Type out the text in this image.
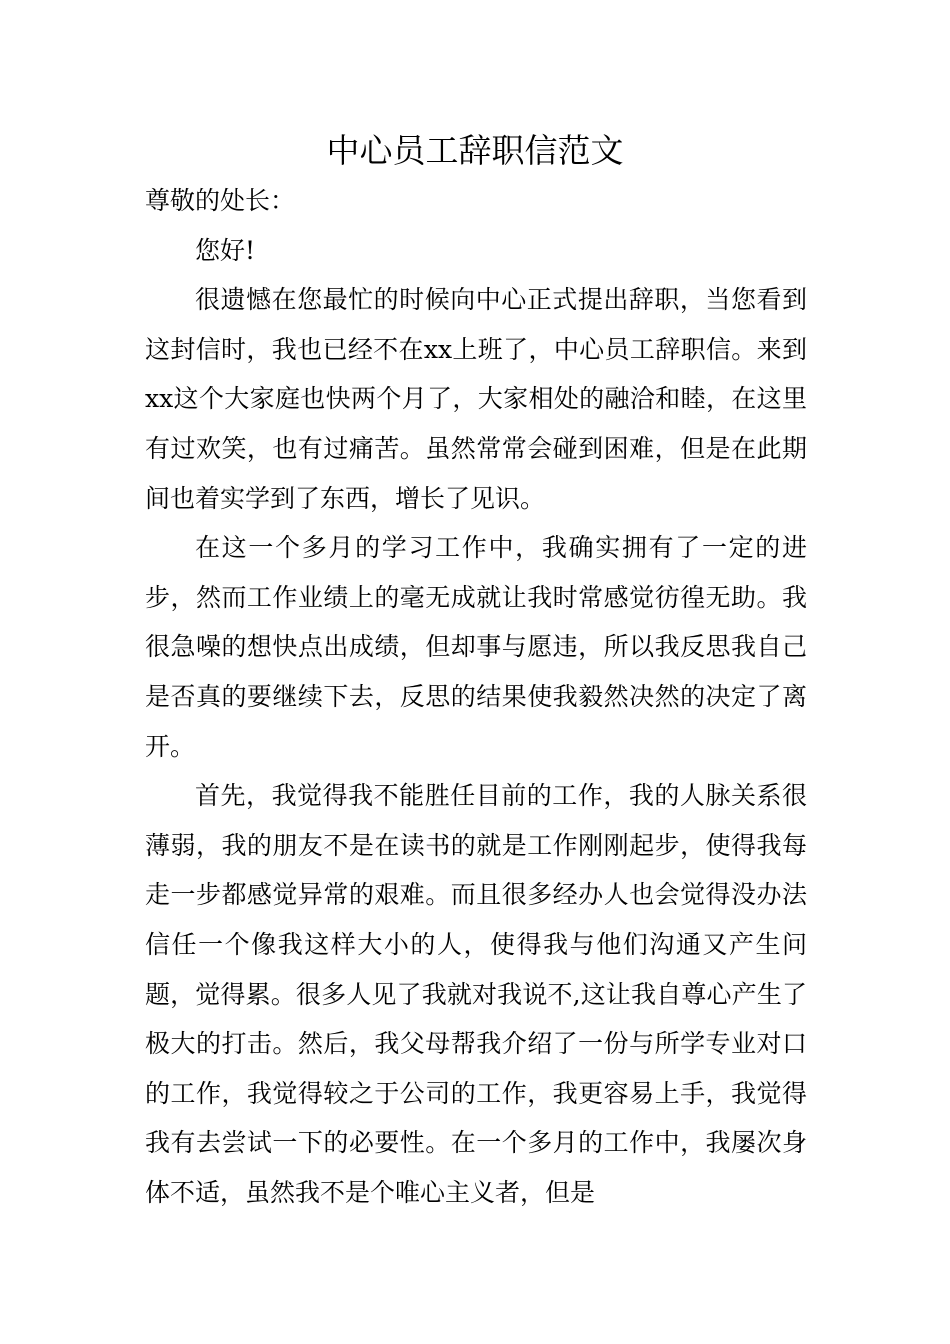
中心员工辞职信范文

尊敬的处长：

您好!

很遗憾在您最忙的时候向中心正式提出辞职，当您看到这封信时，我也已经不在xx上班了，中心员工辞职信。来到xx这个大家庭也快两个月了，大家相处的融洽和睦，在这里有过欢笑，也有过痛苦。虽然常常会碰到困难，但是在此期间也着实学到了东西，增长了见识。

在这一个多月的学习工作中，我确实拥有了一定的进步，然而工作业绩上的毫无成就让我时常感觉彷徨无助。我很急噪的想快点出成绩，但却事与愿违，所以我反思我自己是否真的要继续下去，反思的结果使我毅然决然的决定了离开。

首先，我觉得我不能胜任目前的工作，我的人脉关系很薄弱，我的朋友不是在读书的就是工作刚刚起步，使得我每走一步都感觉异常的艰难。而且很多经办人也会觉得没办法信任一个像我这样大小的人，使得我与他们沟通又产生问题，觉得累。很多人见了我就对我说不,这让我自尊心产生了极大的打击。然后，我父母帮我介绍了一份与所学专业对口的工作，我觉得较之于公司的工作，我更容易上手，我觉得我有去尝试一下的必要性。在一个多月的工作中，我屡次身体不适，虽然我不是个唯心主义者，但是
